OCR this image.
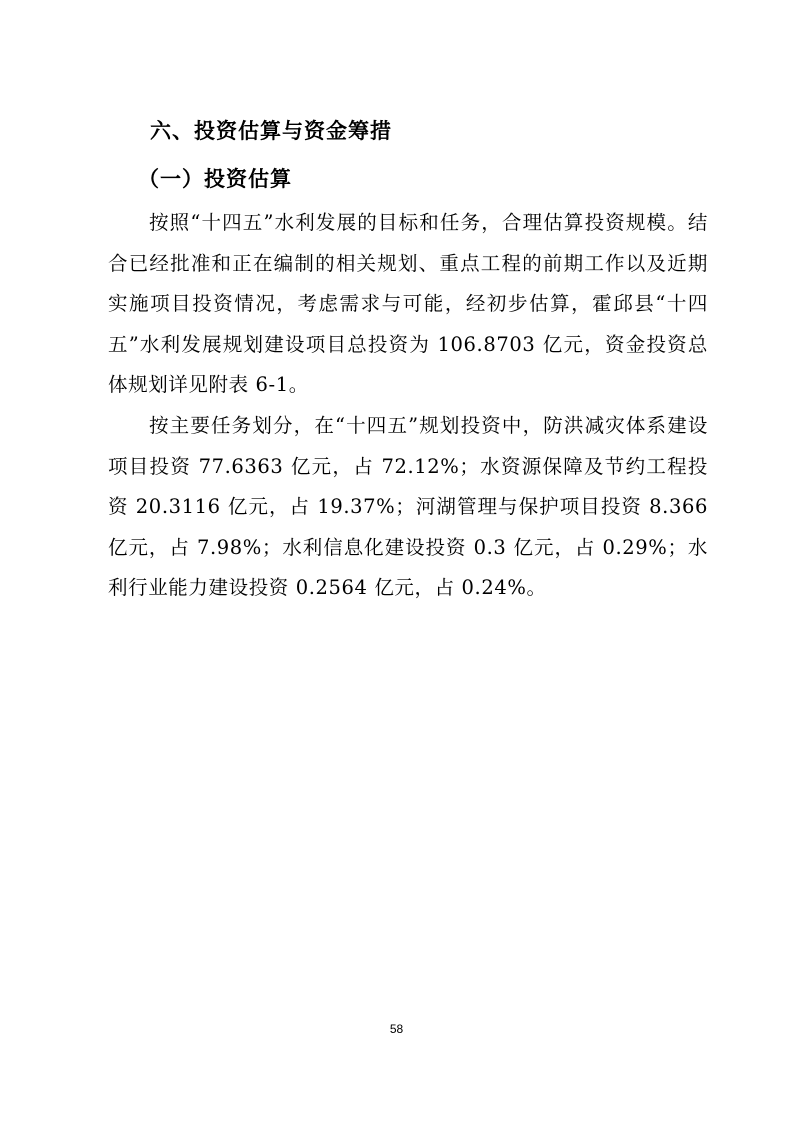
六、投资估算与资金筹措
（一）投资估算

按照“十四五”水利发展的目标和任务，合理估算投资规模。结合已经批准和正在编制的相关规划、重点工程的前期工作以及近期实施项目投资情况，考虑需求与可能，经初步估算，霍邱县“十四五”水利发展规划建设项目总投资为 106.8703 亿元，资金投资总体规划详见附表 6-1。

按主要任务划分，在“十四五”规划投资中，防洪减灾体系建设项目投资 77.6363 亿元，占 72.12%；水资源保障及节约工程投资 20.3116 亿元，占 19.37%；河湖管理与保护项目投资 8.366 亿元，占 7.98%；水利信息化建设投资 0.3 亿元，占 0.29%；水利行业能力建设投资 0.2564 亿元，占 0.24%。

58
